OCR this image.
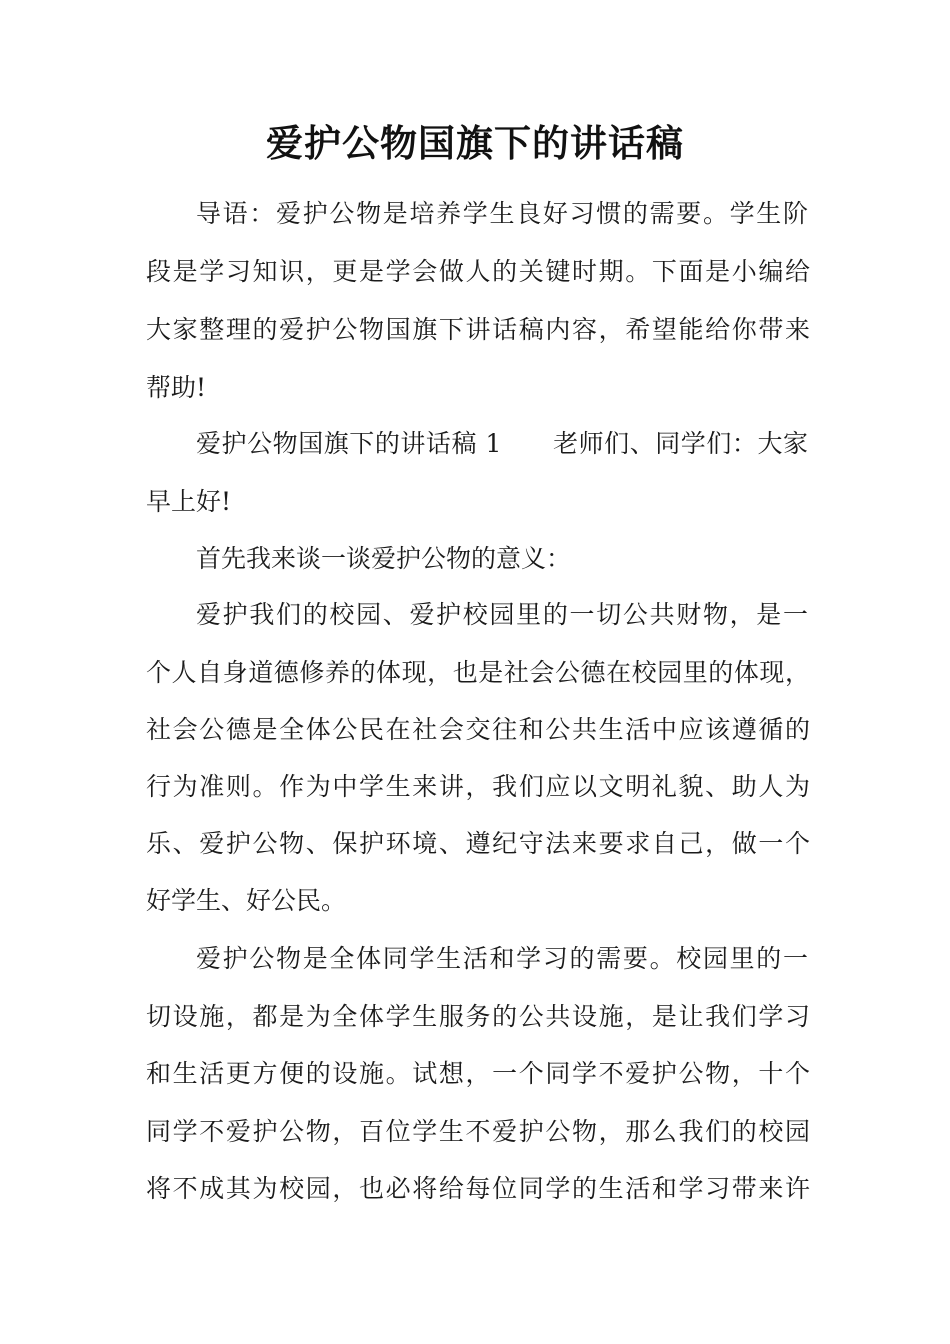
爱护公物国旗下的讲话稿
导语：爱护公物是培养学生良好习惯的需要。学生阶
段是学习知识，更是学会做人的关键时期。下面是小编给
大家整理的爱护公物国旗下讲话稿内容，希望能给你带来
帮助!
爱护公物国旗下的讲话稿 1　　老师们、同学们：大家
早上好!
首先我来谈一谈爱护公物的意义：
爱护我们的校园、爱护校园里的一切公共财物，是一
个人自身道德修养的体现，也是社会公德在校园里的体现，
社会公德是全体公民在社会交往和公共生活中应该遵循的
行为准则。作为中学生来讲，我们应以文明礼貌、助人为
乐、爱护公物、保护环境、遵纪守法来要求自己，做一个
好学生、好公民。
爱护公物是全体同学生活和学习的需要。校园里的一
切设施，都是为全体学生服务的公共设施，是让我们学习
和生活更方便的设施。试想，一个同学不爱护公物，十个
同学不爱护公物，百位学生不爱护公物，那么我们的校园
将不成其为校园，也必将给每位同学的生活和学习带来许
